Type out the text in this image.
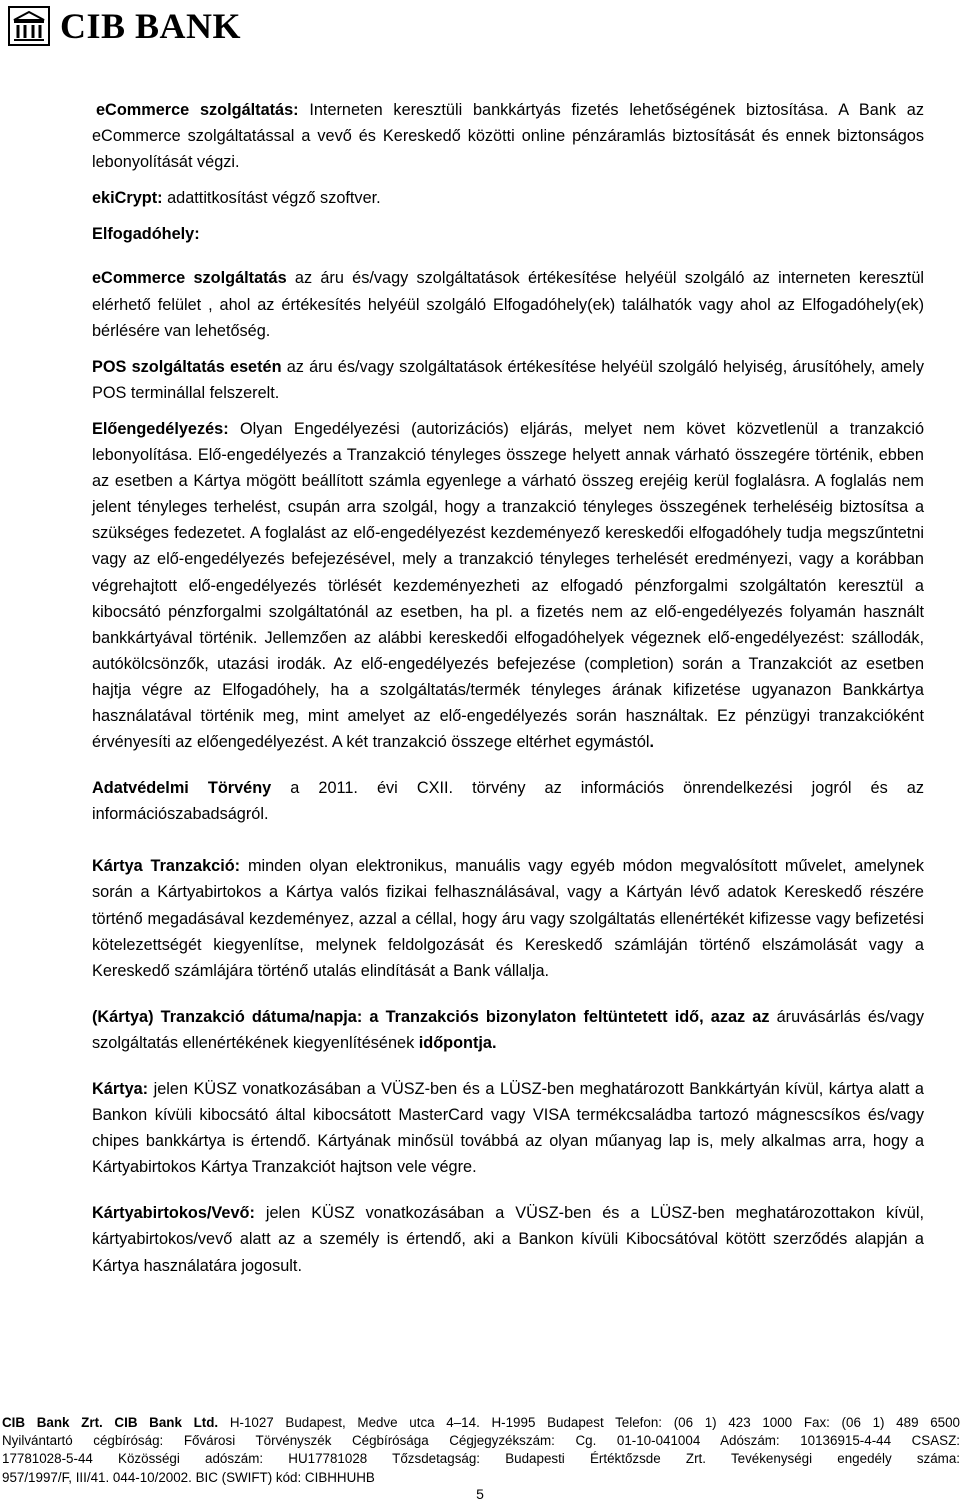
CIB BANK

eCommerce szolgáltatás: Interneten keresztüli bankkártyás fizetés lehetőségének biztosítása. A Bank az eCommerce szolgáltatással a vevő és Kereskedő közötti online pénzáramlás biztosítását és ennek biztonságos lebonyolítását végzi.

ekiCrypt: adattitkosítást végző szoftver.

Elfogadóhely:

eCommerce szolgáltatás az áru és/vagy szolgáltatások értékesítése helyéül szolgáló az interneten keresztül elérhető felület , ahol az értékesítés helyéül szolgáló Elfogadóhely(ek) találhatók vagy ahol az Elfogadóhely(ek) bérlésére van lehetőség.

POS szolgáltatás esetén az áru és/vagy szolgáltatások értékesítése helyéül szolgáló helyiség, árusítóhely, amely POS terminállal felszerelt.

Előengedélyezés: Olyan Engedélyezési (autorizációs) eljárás, melyet nem követ közvetlenül a tranzakció lebonyolítása. Elő-engedélyezés a Tranzakció tényleges összege helyett annak várható összegére történik, ebben az esetben a Kártya mögött beállított számla egyenlege a várható összeg erejéig kerül foglalásra. A foglalás nem jelent tényleges terhelést, csupán arra szolgál, hogy a tranzakció tényleges összegének terheléséig biztosítsa a szükséges fedezetet. A foglalást az elő-engedélyezést kezdeményező kereskedői elfogadóhely tudja megszűntetni vagy az elő-engedélyezés befejezésével, mely a tranzakció tényleges terhelését eredményezi, vagy a korábban végrehajtott elő-engedélyezés törlését kezdeményezheti az elfogadó pénzforgalmi szolgáltatón keresztül a kibocsátó pénzforgalmi szolgáltatónál az esetben, ha pl. a fizetés nem az elő-engedélyezés folyamán használt bankkártyával történik. Jellemzően az alábbi kereskedői elfogadóhelyek végeznek elő-engedélyezést: szállodák, autókölcsönzők, utazási irodák. Az elő-engedélyezés befejezése (completion) során a Tranzakciót az esetben hajtja végre az Elfogadóhely, ha a szolgáltatás/termék tényleges árának kifizetése ugyanazon Bankkártya használatával történik meg, mint amelyet az elő-engedélyezés során használtak. Ez pénzügyi tranzakcióként érvényesíti az előengedélyezést. A két tranzakció összege eltérhet egymástól.

Adatvédelmi Törvény a 2011. évi CXII. törvény az információs önrendelkezési jogról és az információszabadságról.

Kártya Tranzakció: minden olyan elektronikus, manuális vagy egyéb módon megvalósított művelet, amelynek során a Kártyabirtokos a Kártya valós fizikai felhasználásával, vagy a Kártyán lévő adatok Kereskedő részére történő megadásával kezdeményez, azzal a céllal, hogy áru vagy szolgáltatás ellenértékét kifizesse vagy befizetési kötelezettségét kiegyenlítse, melynek feldolgozását és Kereskedő számláján történő elszámolását vagy a Kereskedő számlájára történő utalás elindítását a Bank vállalja.

(Kártya) Tranzakció dátuma/napja: a Tranzakciós bizonylaton feltüntetett idő, azaz az áruvásárlás és/vagy szolgáltatás ellenértékének kiegyenlítésének időpontja.

Kártya: jelen KÜSZ vonatkozásában a VÜSZ-ben és a LÜSZ-ben meghatározott Bankkártyán kívül, kártya alatt a Bankon kívüli kibocsátó által kibocsátott MasterCard vagy VISA termékcsaládba tartozó mágnescsíkos és/vagy chipes bankkártya is értendő. Kártyának minősül továbbá az olyan műanyag lap is, mely alkalmas arra, hogy a Kártyabirtokos Kártya Tranzakciót hajtson vele végre.

Kártyabirtokos/Vevő: jelen KÜSZ vonatkozásában a VÜSZ-ben és a LÜSZ-ben meghatározottakon kívül, kártyabirtokos/vevő alatt az a személy is értendő, aki a Bankon kívüli Kibocsátóval kötött szerződés alapján a Kártya használatára jogosult.

CIB Bank Zrt. CIB Bank Ltd. H-1027 Budapest, Medve utca 4–14. H-1995 Budapest Telefon: (06 1) 423 1000 Fax: (06 1) 489 6500
Nyilvántartó cégbíróság: Fővárosi Törvényszék Cégbírósága Cégjegyzékszám: Cg. 01-10-041004 Adószám: 10136915-4-44 CSASZ:
17781028-5-44 Közösségi adószám: HU17781028 Tőzsdetagság: Budapesti Értéktőzsde Zrt. Tevékenységi engedély száma:
957/1997/F, III/41. 044-10/2002. BIC (SWIFT) kód: CIBHHUHB
5
